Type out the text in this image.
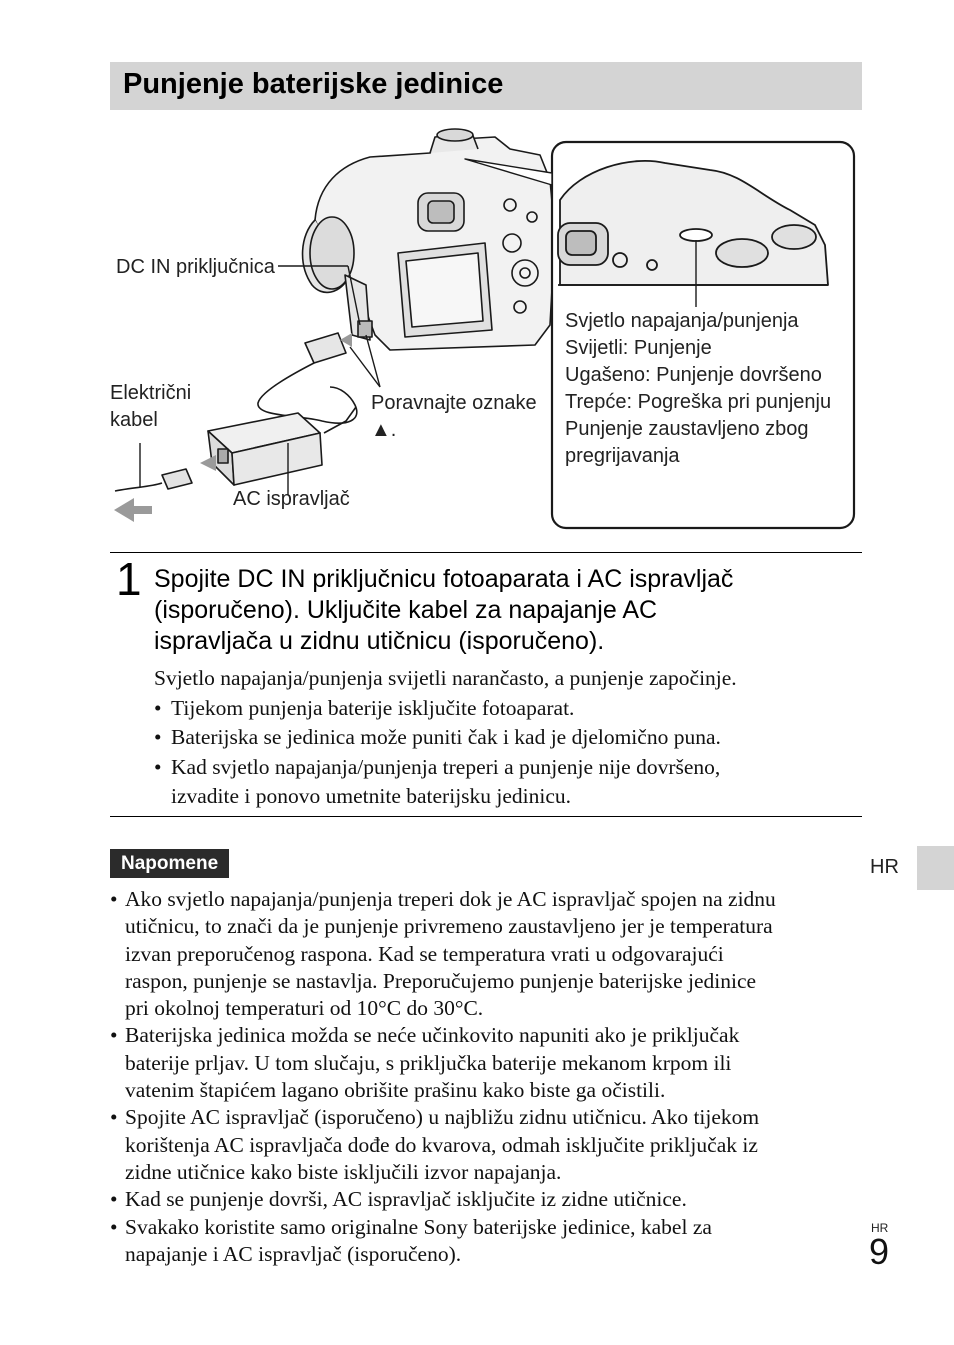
Punjenje baterijske jedinice
DC IN priključnica
Električni
kabel
Poravnajte oznake
▲.
AC ispravljač
Svjetlo napajanja/punjenja
Svijetli: Punjenje
Ugašeno: Punjenje dovršeno
Trepće: Pogreška pri punjenju
Punjenje zaustavljeno zbog
pregrijavanja
1 Spojite DC IN priključnicu fotoaparata i AC ispravljač
(isporučeno). Uključite kabel za napajanje AC
ispravljača u zidnu utičnicu (isporučeno).

Svjetlo napajanja/punjenja svijetli narančasto, a punjenje započinje.

• Tijekom punjenja baterije isključite fotoaparat.
• Baterijska se jedinica može puniti čak i kad je djelomično puna.
• Kad svjetlo napajanja/punjenja treperi a punjenje nije dovršeno,
izvadite i ponovo umetnite baterijsku jedinicu.
Napomene
• Ako svjetlo napajanja/punjenja treperi dok je AC ispravljač spojen na zidnu
utičnicu, to znači da je punjenje privremeno zaustavljeno jer je temperatura
izvan preporučenog raspona. Kad se temperatura vrati u odgovarajući
raspon, punjenje se nastavlja. Preporučujemo punjenje baterijske jedinice
pri okolnoj temperaturi od 10°C do 30°C.
• Baterijska jedinica možda se neće učinkovito napuniti ako je priključak
baterije prljav. U tom slučaju, s priključka baterije mekanom krpom ili
vatenim štapićem lagano obrišite prašinu kako biste ga očistili.
• Spojite AC ispravljač (isporučeno) u najbližu zidnu utičnicu. Ako tijekom
korištenja AC ispravljača dođe do kvarova, odmah isključite priključak iz
zidne utičnice kako biste isključili izvor napajanja.
• Kad se punjenje dovrši, AC ispravljač isključite iz zidne utičnice.
• Svakako koristite samo originalne Sony baterijske jedinice, kabel za
napajanje i AC ispravljač (isporučeno).
HR
HR
9
